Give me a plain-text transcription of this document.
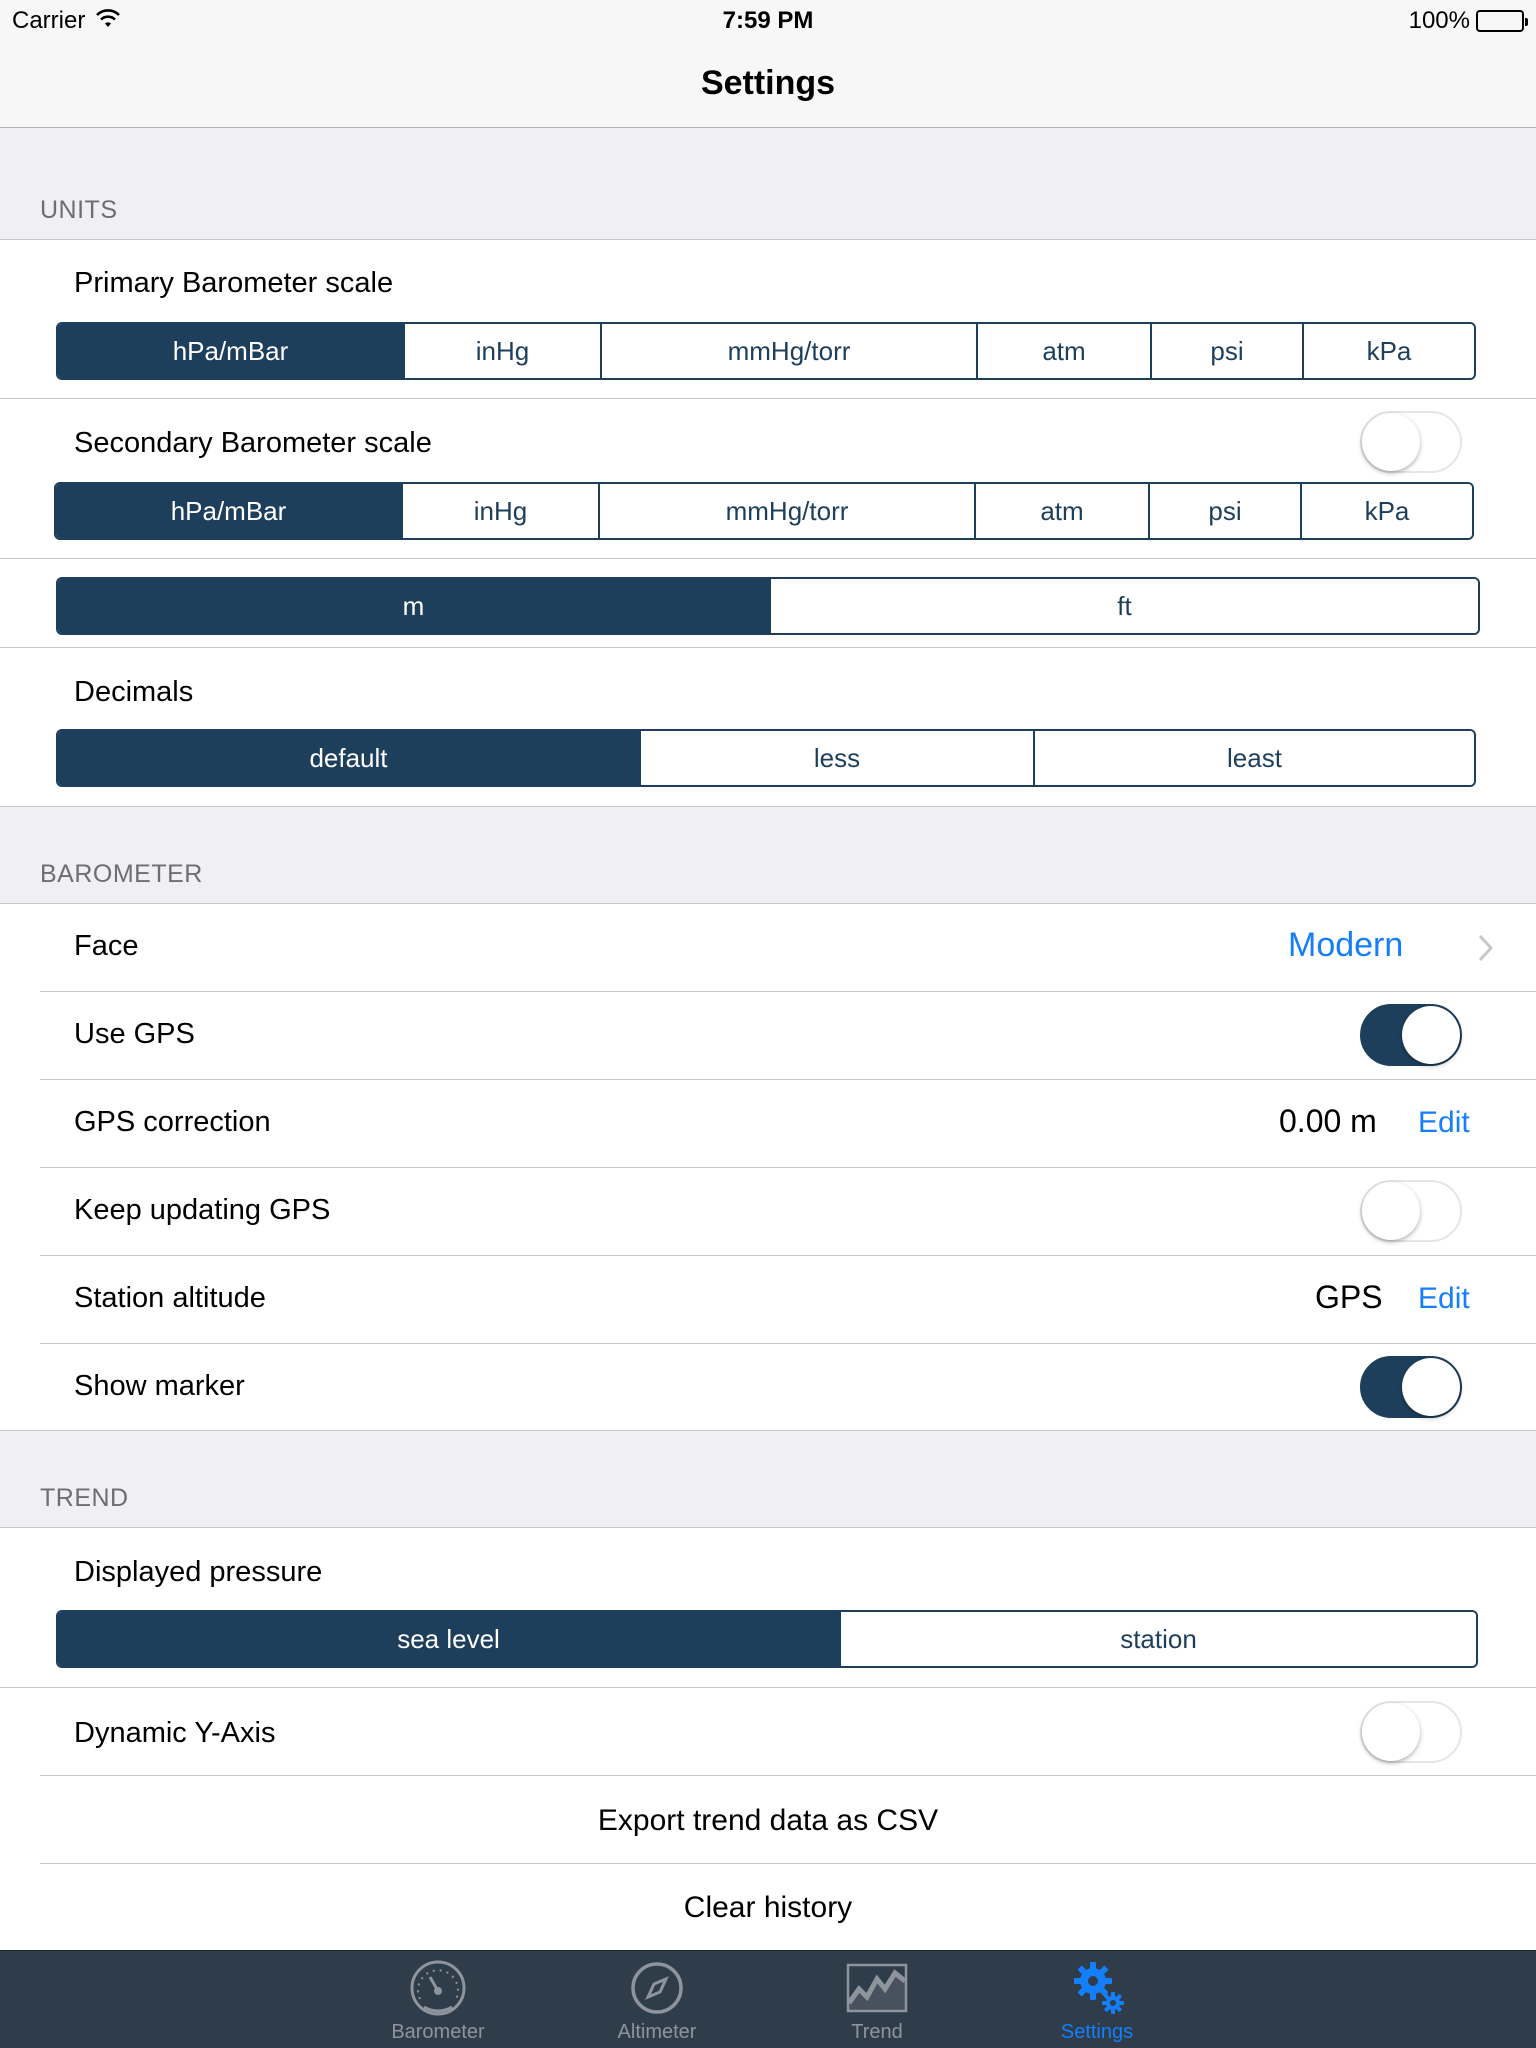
Carrier	7:59 PM	100%
Settings
UNITS
Primary Barometer scale
hPa/mBar	inHg	mmHg/torr	atm	psi	kPa
Secondary Barometer scale
hPa/mBar	inHg	mmHg/torr	atm	psi	kPa
m	ft
Decimals
default	less	least
BAROMETER
Face	Modern
Use GPS
GPS correction	0.00 m Edit
Keep updating GPS
Station altitude	GPS Edit
Show marker
TREND
Displayed pressure
sea level	station
Dynamic Y-Axis
Export trend data as CSV
Clear history
Barometer	Altimeter	Trend	Settings
